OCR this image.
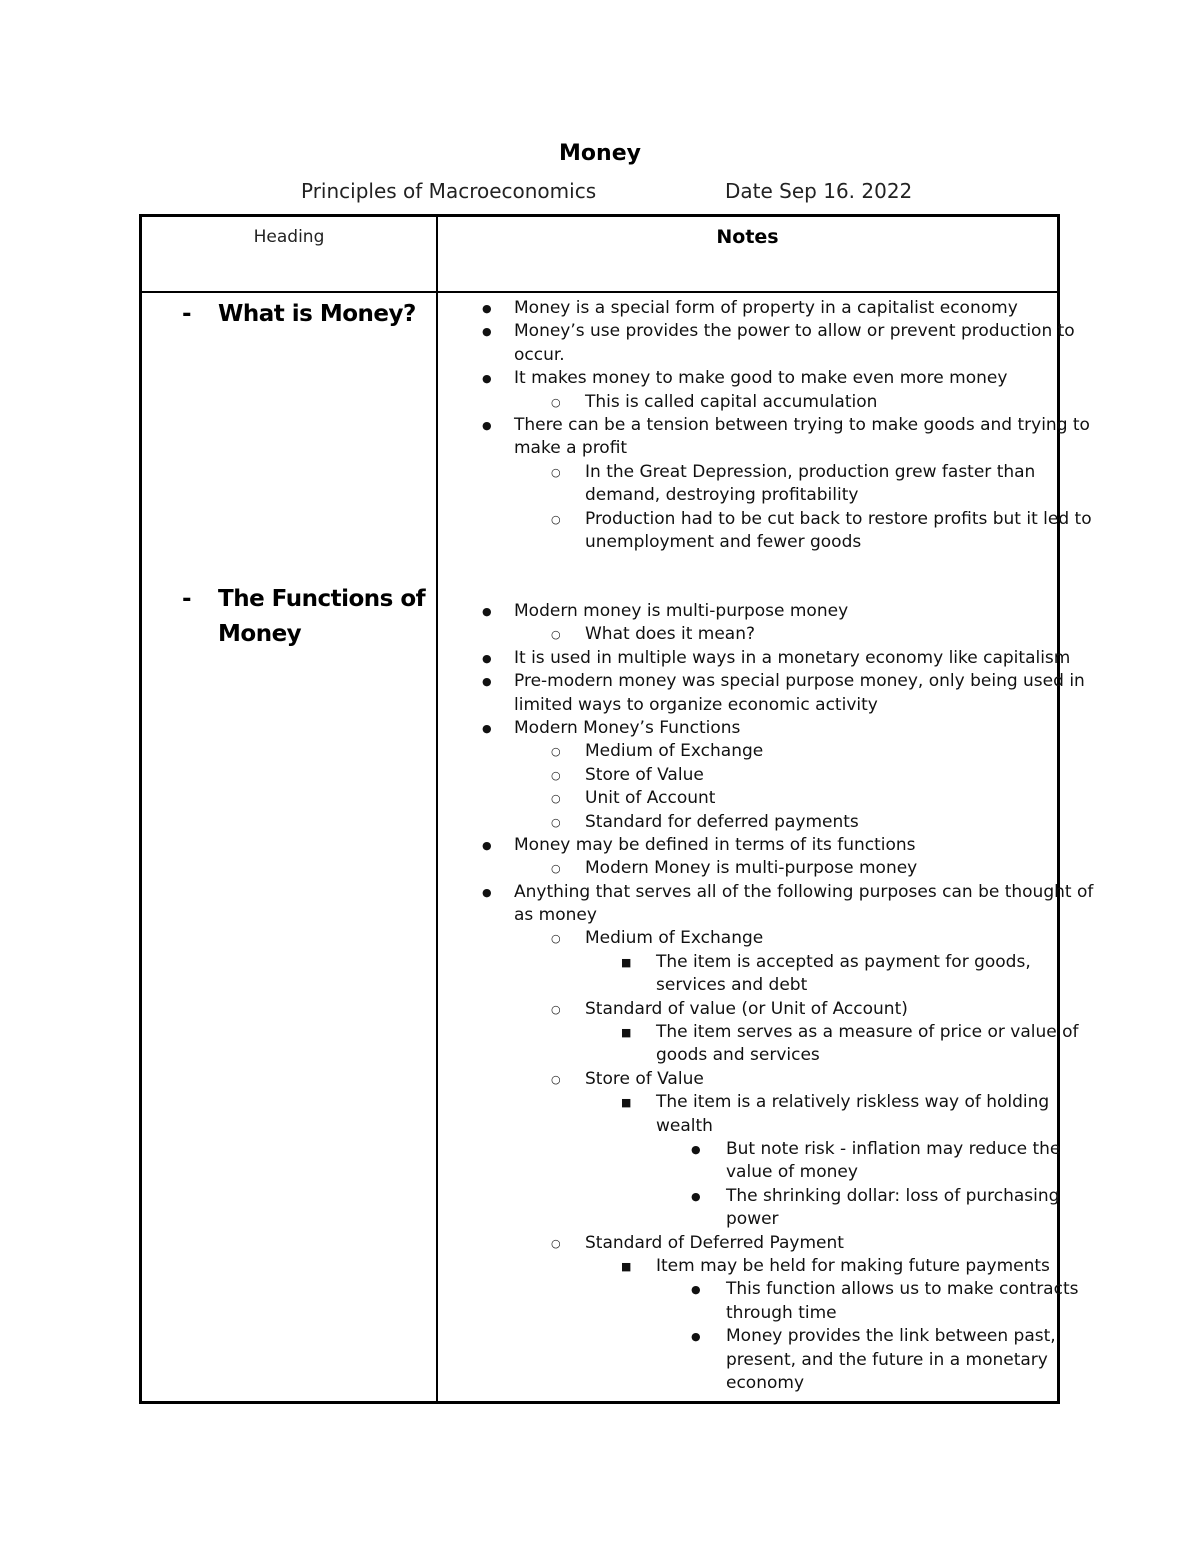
Money
Principles of Macroeconomics	Date Sep 16. 2022
Heading	Notes
- What is Money?
- The Functions of
Money
● Money is a special form of property in a capitalist economy
● Money’s use provides the power to allow or prevent production to
occur.
● It makes money to make good to make even more money
○ This is called capital accumulation
● There can be a tension between trying to make goods and trying to
make a profit
○ In the Great Depression, production grew faster than
demand, destroying profitability
○ Production had to be cut back to restore profits but it led to
unemployment and fewer goods
● Modern money is multi-purpose money
○ What does it mean?
● It is used in multiple ways in a monetary economy like capitalism
● Pre-modern money was special purpose money, only being used in
limited ways to organize economic activity
● Modern Money’s Functions
○ Medium of Exchange
○ Store of Value
○ Unit of Account
○ Standard for deferred payments
● Money may be defined in terms of its functions
○ Modern Money is multi-purpose money
● Anything that serves all of the following purposes can be thought of
as money
○ Medium of Exchange
■ The item is accepted as payment for goods,
services and debt
○ Standard of value (or Unit of Account)
■ The item serves as a measure of price or value of
goods and services
○ Store of Value
■ The item is a relatively riskless way of holding
wealth
● But note risk - inflation may reduce the
value of money
● The shrinking dollar: loss of purchasing
power
○ Standard of Deferred Payment
■ Item may be held for making future payments
● This function allows us to make contracts
through time
● Money provides the link between past,
present, and the future in a monetary
economy
